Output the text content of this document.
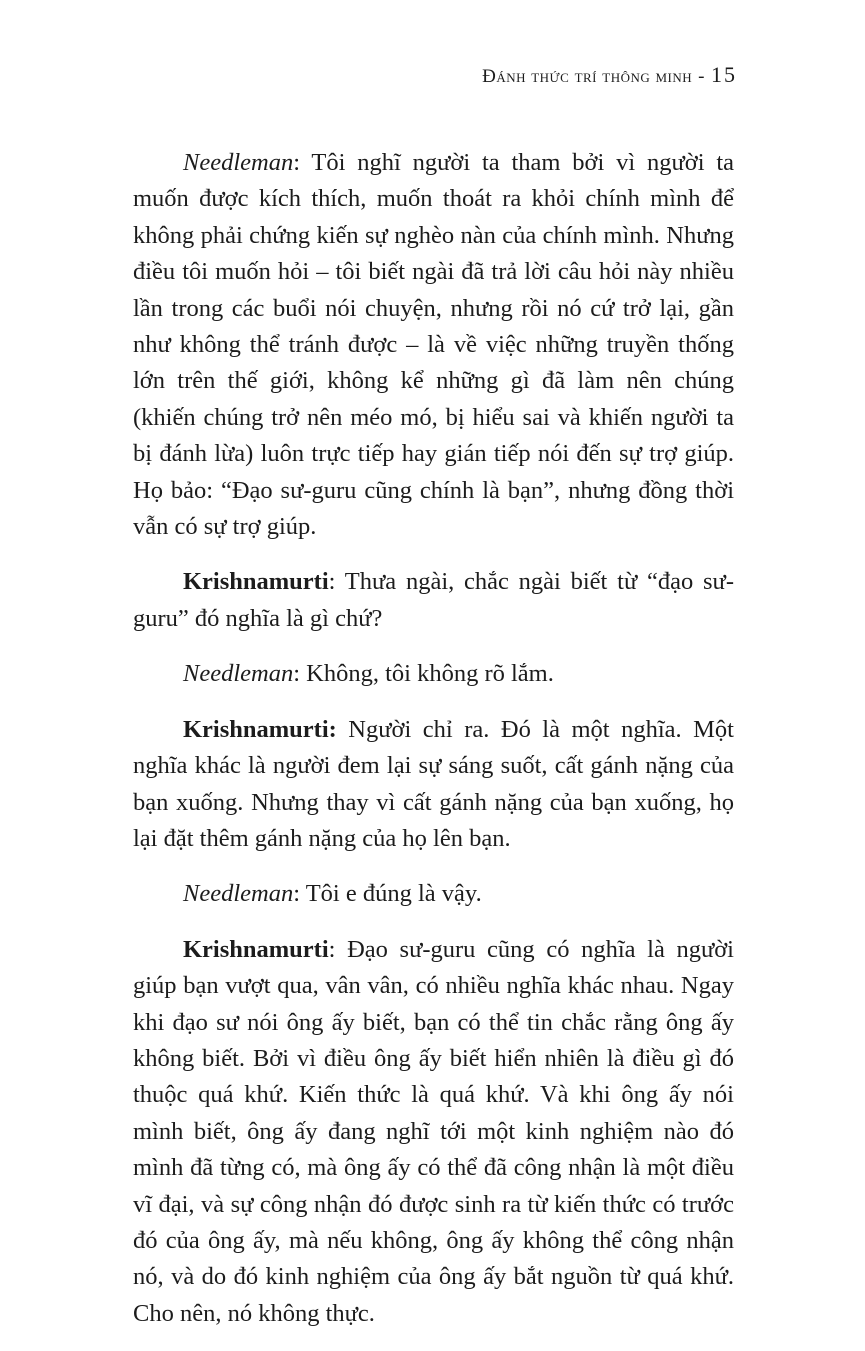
Đánh thức trí thông minh - 15

Needleman: Tôi nghĩ người ta tham bởi vì người ta muốn được kích thích, muốn thoát ra khỏi chính mình để không phải chứng kiến sự nghèo nàn của chính mình. Nhưng điều tôi muốn hỏi – tôi biết ngài đã trả lời câu hỏi này nhiều lần trong các buổi nói chuyện, nhưng rồi nó cứ trở lại, gần như không thể tránh được – là về việc những truyền thống lớn trên thế giới, không kể những gì đã làm nên chúng (khiến chúng trở nên méo mó, bị hiểu sai và khiến người ta bị đánh lừa) luôn trực tiếp hay gián tiếp nói đến sự trợ giúp. Họ bảo: “Đạo sư-guru cũng chính là bạn”, nhưng đồng thời vẫn có sự trợ giúp.

Krishnamurti: Thưa ngài, chắc ngài biết từ “đạo sư-guru” đó nghĩa là gì chứ?

Needleman: Không, tôi không rõ lắm.

Krishnamurti: Người chỉ ra. Đó là một nghĩa. Một nghĩa khác là người đem lại sự sáng suốt, cất gánh nặng của bạn xuống. Nhưng thay vì cất gánh nặng của bạn xuống, họ lại đặt thêm gánh nặng của họ lên bạn.

Needleman: Tôi e đúng là vậy.

Krishnamurti: Đạo sư-guru cũng có nghĩa là người giúp bạn vượt qua, vân vân, có nhiều nghĩa khác nhau. Ngay khi đạo sư nói ông ấy biết, bạn có thể tin chắc rằng ông ấy không biết. Bởi vì điều ông ấy biết hiển nhiên là điều gì đó thuộc quá khứ. Kiến thức là quá khứ. Và khi ông ấy nói mình biết, ông ấy đang nghĩ tới một kinh nghiệm nào đó mình đã từng có, mà ông ấy có thể đã công nhận là một điều vĩ đại, và sự công nhận đó được sinh ra từ kiến thức có trước đó của ông ấy, mà nếu không, ông ấy không thể công nhận nó, và do đó kinh nghiệm của ông ấy bắt nguồn từ quá khứ. Cho nên, nó không thực.
